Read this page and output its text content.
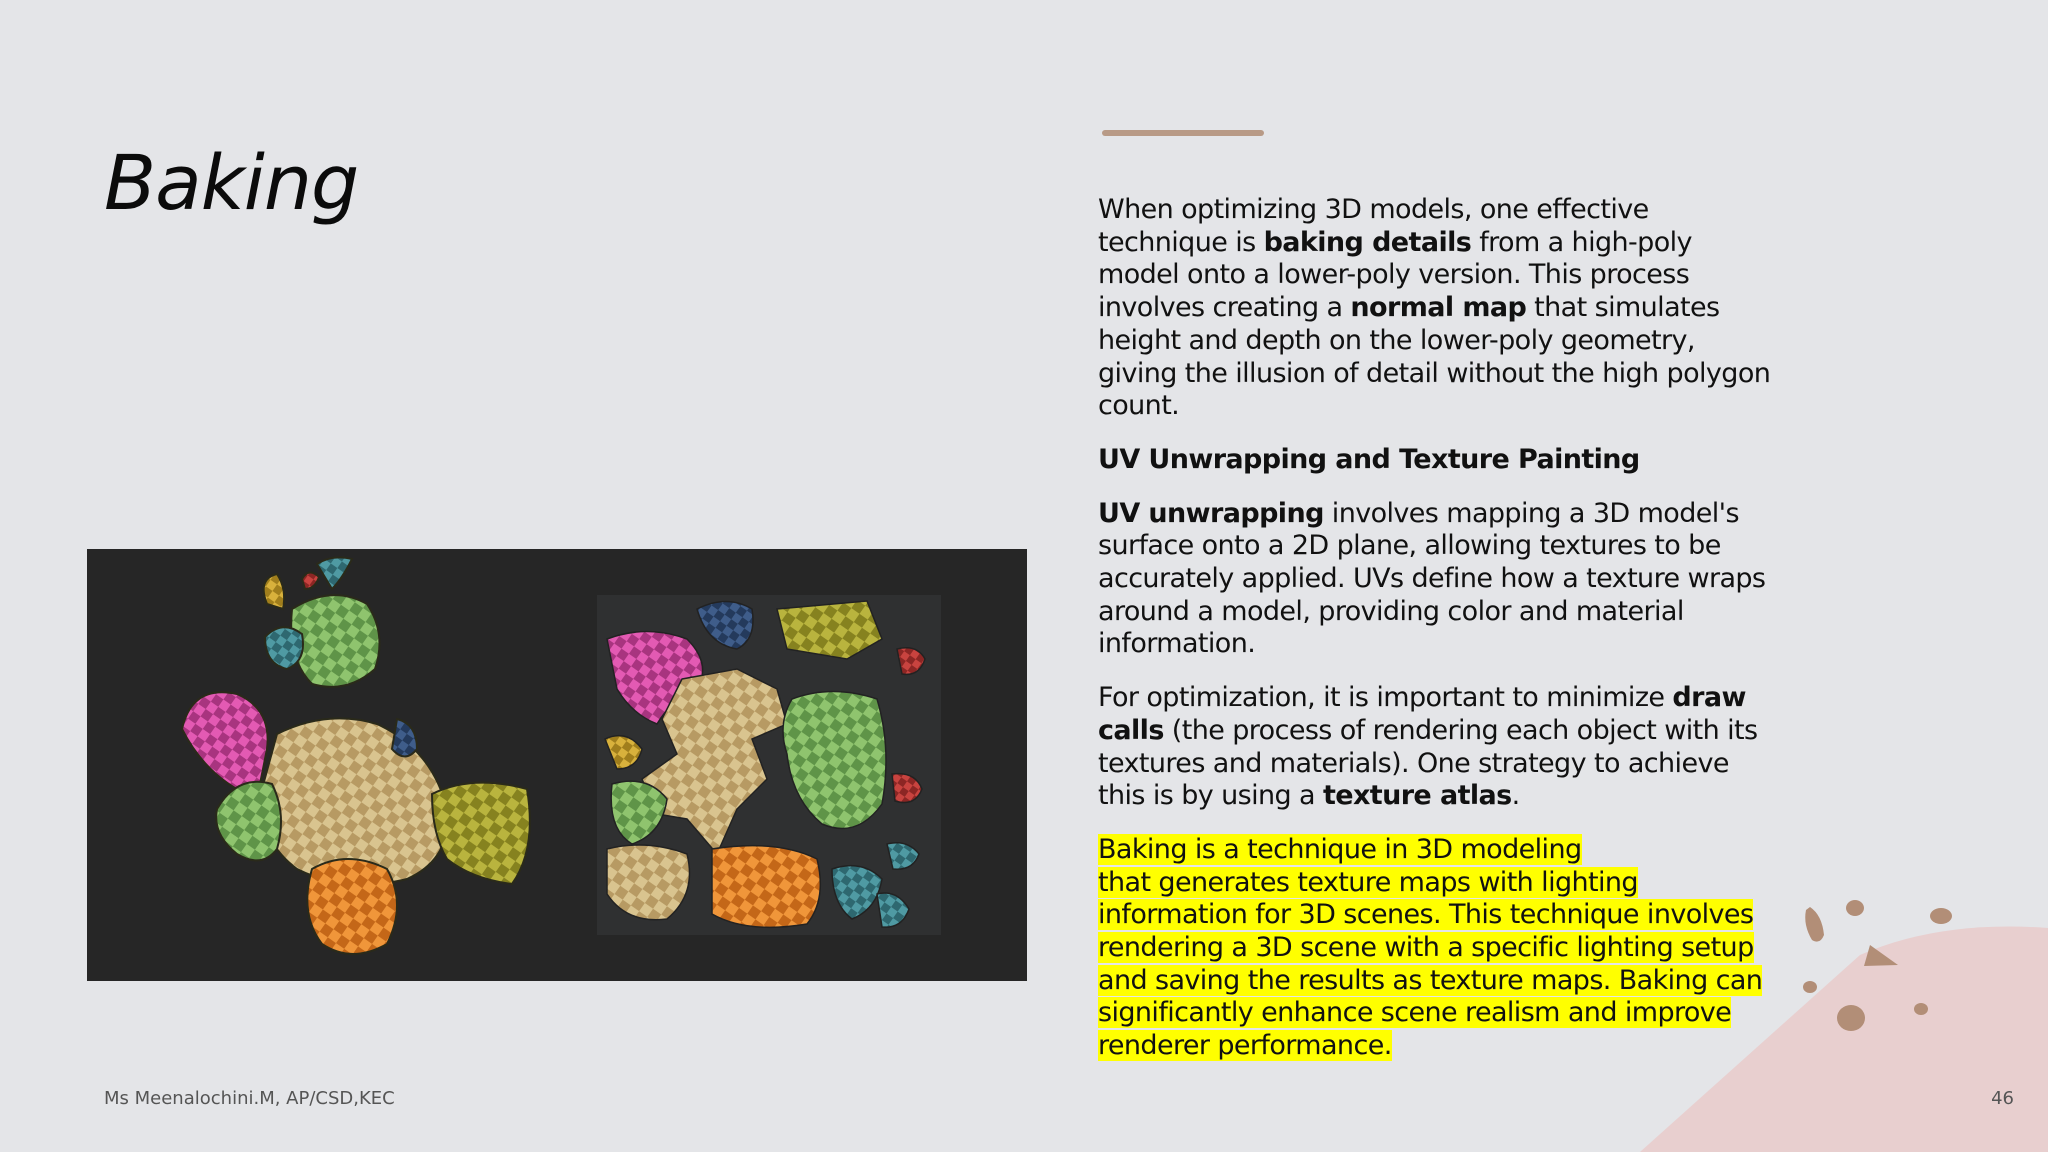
Baking	When optimizing 3D models, one effective technique is baking details from a high-poly model onto a lower-poly version. This process involves creating a normal map that simulates height and depth on the lower-poly geometry, giving the illusion of detail without the high polygon count.

UV Unwrapping and Texture Painting

UV unwrapping involves mapping a 3D model's surface onto a 2D plane, allowing textures to be accurately applied. UVs define how a texture wraps around a model, providing color and material information.

For optimization, it is important to minimize draw calls (the process of rendering each object with its textures and materials). One strategy to achieve this is by using a texture atlas.

Baking is a technique in 3D modeling
that generates texture maps with lighting information for 3D scenes. This technique involves rendering a 3D scene with a specific lighting setup and saving the results as texture maps. Baking can significantly enhance scene realism and improve renderer performance.

Ms Meenalochini.M, AP/CSD,KEC	46
